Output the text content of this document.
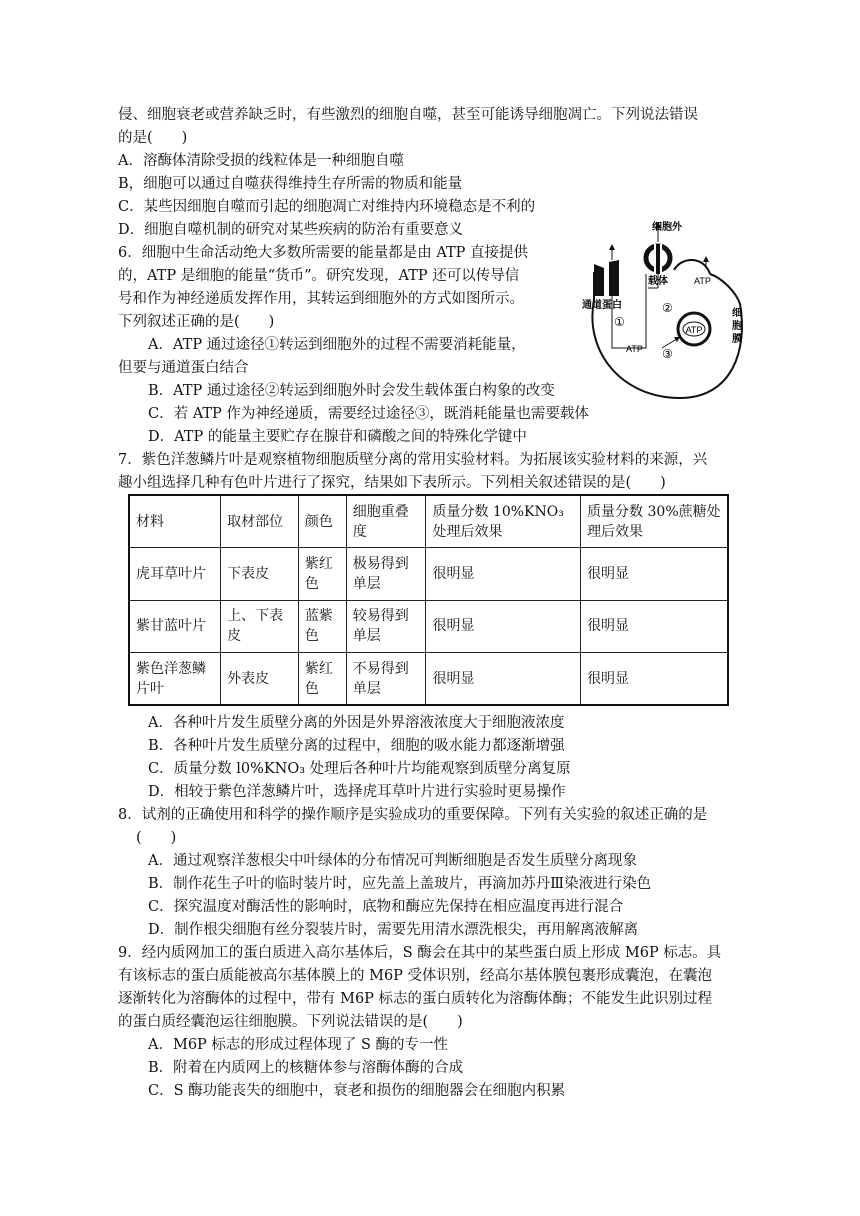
侵、细胞衰老或营养缺乏时，有些激烈的细胞自噬，甚至可能诱导细胞凋亡。下列说法错误
的是(　　)
A．溶酶体清除受损的线粒体是一种细胞自噬
B，细胞可以通过自噬获得维持生存所需的物质和能量
C．某些因细胞自噬而引起的细胞凋亡对维持内环境稳态是不利的
D．细胞自噬机制的研究对某些疾病的防治有重要意义
6．细胞中生命活动绝大多数所需要的能量都是由 ATP 直接提供
的，ATP 是细胞的能量“货币”。研究发现，ATP 还可以传导信
号和作为神经递质发挥作用，其转运到细胞外的方式如图所示。
下列叙述正确的是(　　)
A．ATP 通过途径①转运到细胞外的过程不需要消耗能量，
但要与通道蛋白结合
B．ATP 通过途径②转运到细胞外时会发生载体蛋白构象的改变
C．若 ATP 作为神经递质，需要经过途径③，既消耗能量也需要载体
D．ATP 的能量主要贮存在腺苷和磷酸之间的特殊化学键中
ATP
细胞外
载体
通道蛋白
ATP
ATP
①
②
③
细 胞 膜
7．紫色洋葱鳞片叶是观察植物细胞质壁分离的常用实验材料。为拓展该实验材料的来源，兴
趣小组选择几种有色叶片进行了探究，结果如下表所示。下列相关叙述错误的是(　　)
材料	取材部位	颜色	细胞重叠度	质量分数 10%KNO₃ 处理后效果	质量分数 30%蔗糖处理后效果
虎耳草叶片	下表皮	紫红色	极易得到单层	很明显	很明显
紫甘蓝叶片	上、下表皮	蓝紫色	较易得到单层	很明显	很明显
紫色洋葱鳞片叶	外表皮	紫红色	不易得到单层	很明显	很明显
A．各种叶片发生质壁分离的外因是外界溶液浓度大于细胞液浓度
B．各种叶片发生质壁分离的过程中，细胞的吸水能力都逐渐增强
C．质量分数 l0%KNO₃ 处理后各种叶片均能观察到质壁分离复原
D．相较于紫色洋葱鳞片叶，选择虎耳草叶片进行实验时更易操作
8．试剂的正确使用和科学的操作顺序是实验成功的重要保障。下列有关实验的叙述正确的是
(　　)
A．通过观察洋葱根尖中叶绿体的分布情况可判断细胞是否发生质壁分离现象
B．制作花生子叶的临时装片时，应先盖上盖玻片，再滴加苏丹Ⅲ染液进行染色
C．探究温度对酶活性的影响时，底物和酶应先保持在相应温度再进行混合
D．制作根尖细胞有丝分裂装片时，需要先用清水漂洗根尖，再用解离液解离
9．经内质网加工的蛋白质进入高尔基体后，S 酶会在其中的某些蛋白质上形成 M6P 标志。具
有该标志的蛋白质能被高尔基体膜上的 M6P 受体识别，经高尔基体膜包裹形成囊泡，在囊泡
逐渐转化为溶酶体的过程中，带有 M6P 标志的蛋白质转化为溶酶体酶；不能发生此识别过程
的蛋白质经囊泡运往细胞膜。下列说法错误的是(　　)
A．M6P 标志的形成过程体现了 S 酶的专一性
B．附着在内质网上的核糖体参与溶酶体酶的合成
C．S 酶功能丧失的细胞中，衰老和损伤的细胞器会在细胞内积累
